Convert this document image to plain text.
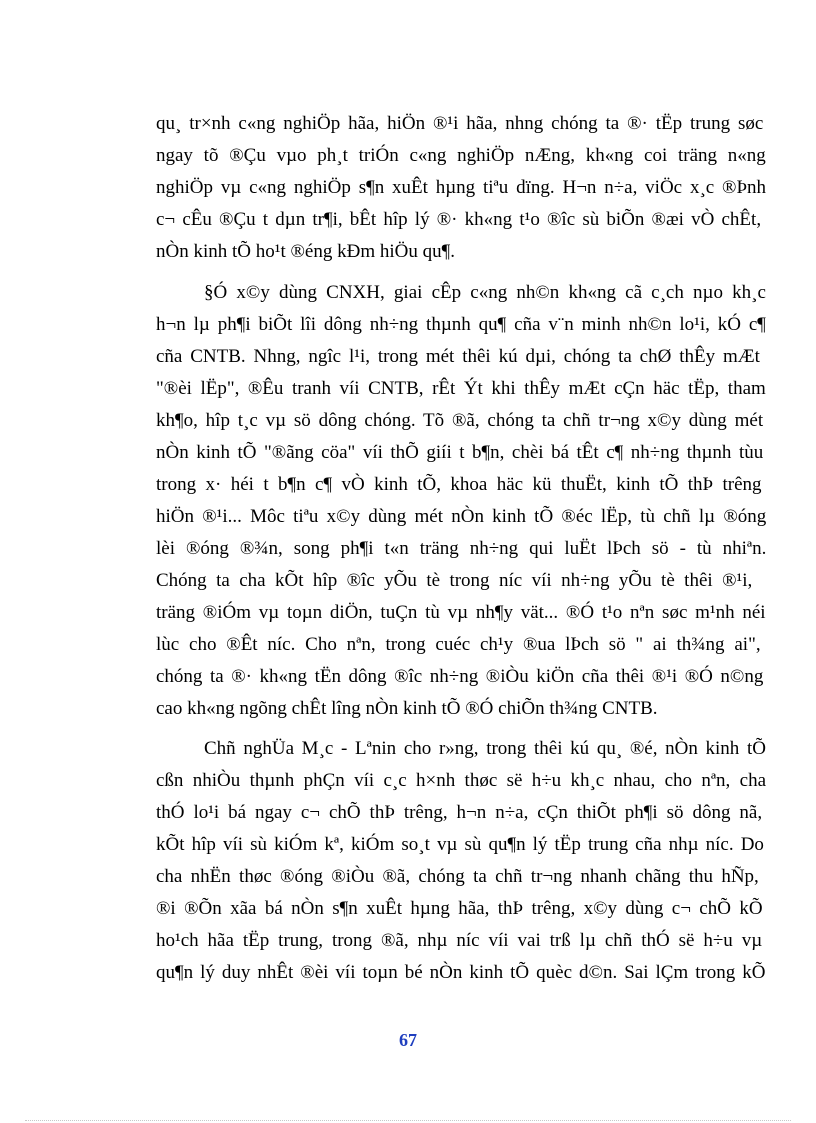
qu¸ tr×nh c«ng nghiÖp hãa, hiÖn ®¹i hãa, nhng chóng ta ®· tËp trung søc
ngay tõ ®Çu vµo ph¸t triÓn c«ng nghiÖp nÆng, kh«ng coi träng n«ng
nghiÖp vµ c«ng nghiÖp s¶n xuÊt hµng tiªu dïng. H¬n n÷a, viÖc x¸c ®Þnh
c¬ cÊu ®Çu t dµn tr¶i, bÊt hîp lý ®· kh«ng t¹o ®îc sù biÕn ®æi vÒ chÊt,
nÒn kinh tÕ ho¹t ®éng kÐm hiÖu qu¶.
§Ó x©y dùng CNXH, giai cÊp c«ng nh©n kh«ng cã c¸ch nµo kh¸c
h¬n lµ ph¶i biÕt lîi dông nh÷ng thµnh qu¶ cña v¨n minh nh©n lo¹i, kÓ c¶
cña CNTB. Nhng, ngîc l¹i, trong mét thêi kú dµi, chóng ta chØ thÊy mÆt
"®èi lËp", ®Êu tranh víi CNTB, rÊt Ýt khi thÊy mÆt cÇn häc tËp, tham
kh¶o, hîp t¸c vµ sö dông chóng. Tõ ®ã, chóng ta chñ tr¬ng x©y dùng mét
nÒn kinh tÕ "®ãng cöa" víi thÕ giíi t b¶n, chèi bá tÊt c¶ nh÷ng thµnh tùu
trong x· héi t b¶n c¶ vÒ kinh tÕ, khoa häc kü thuËt, kinh tÕ thÞ trêng
hiÖn ®¹i... Môc tiªu x©y dùng mét nÒn kinh tÕ ®éc lËp, tù chñ lµ ®óng
lèi ®óng ®¾n, song ph¶i t«n träng nh÷ng qui luËt lÞch sö - tù nhiªn.
Chóng ta cha kÕt hîp ®îc yÕu tè trong níc víi nh÷ng yÕu tè thêi ®¹i,
träng ®iÓm vµ toµn diÖn, tuÇn tù vµ nh¶y vät... ®Ó t¹o nªn søc m¹nh néi
lùc cho ®Êt níc. Cho nªn, trong cuéc ch¹y ®ua lÞch sö " ai th¾ng ai",
chóng ta ®· kh«ng tËn dông ®îc nh÷ng ®iÒu kiÖn cña thêi ®¹i ®Ó n©ng
cao kh«ng ngõng chÊt lîng nÒn kinh tÕ ®Ó chiÕn th¾ng CNTB.
Chñ nghÜa M¸c - Lªnin cho r»ng, trong thêi kú qu¸ ®é, nÒn kinh tÕ
cßn nhiÒu thµnh phÇn víi c¸c h×nh thøc së h÷u kh¸c nhau, cho nªn, cha
thÓ lo¹i bá ngay c¬ chÕ thÞ trêng, h¬n n÷a, cÇn thiÕt ph¶i sö dông nã,
kÕt hîp víi sù kiÓm kª, kiÓm so¸t vµ sù qu¶n lý tËp trung cña nhµ níc. Do
cha nhËn thøc ®óng ®iÒu ®ã, chóng ta chñ tr¬ng nhanh chãng thu hÑp,
®i ®Õn xãa bá nÒn s¶n xuÊt hµng hãa, thÞ trêng, x©y dùng c¬ chÕ kÕ
ho¹ch hãa tËp trung, trong ®ã, nhµ níc víi vai trß lµ chñ thÓ së h÷u vµ
qu¶n lý duy nhÊt ®èi víi toµn bé nÒn kinh tÕ quèc d©n. Sai lÇm trong kÕ
67
